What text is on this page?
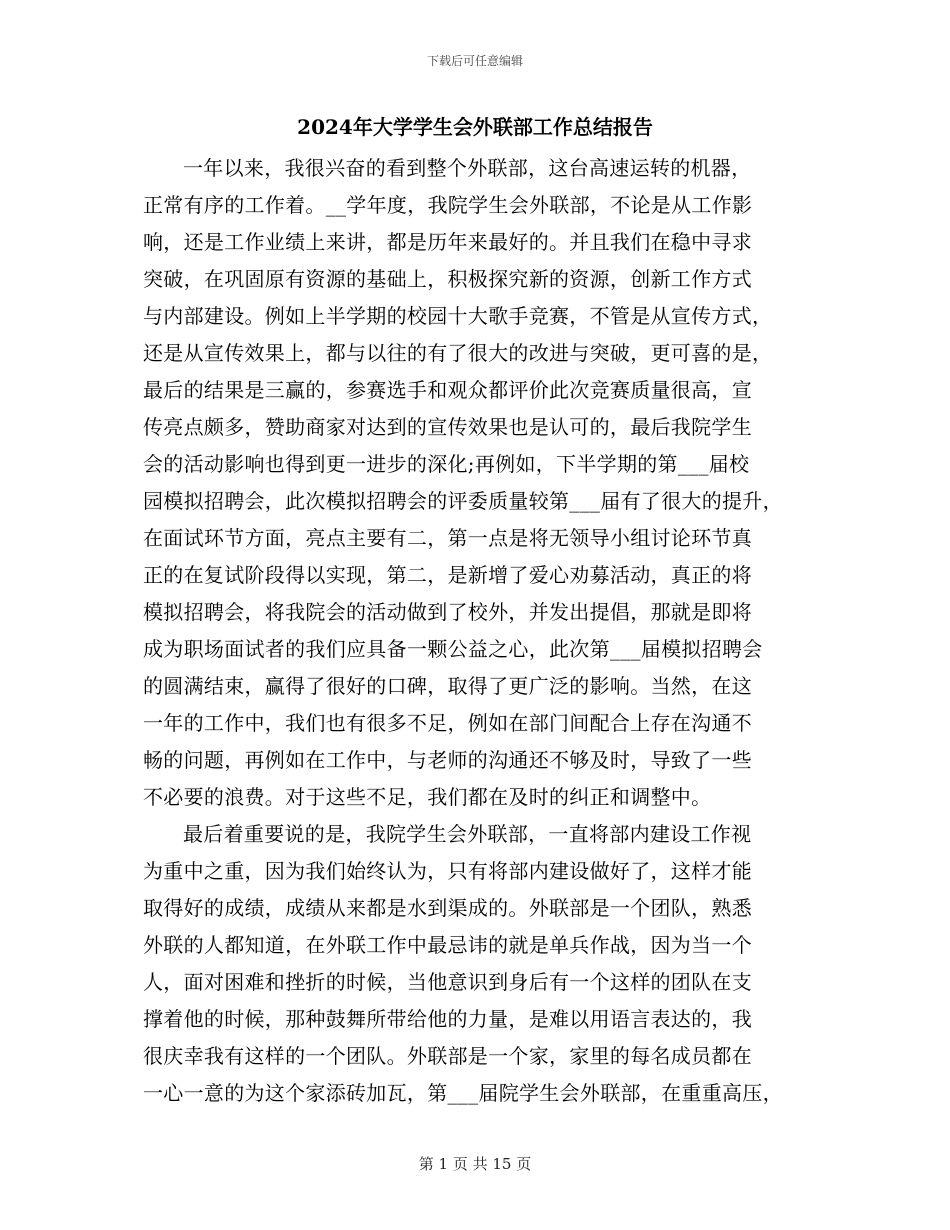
下载后可任意编辑
2024年大学学生会外联部工作总结报告
一年以来，我很兴奋的看到整个外联部，这台高速运转的机器，
正常有序的工作着。__学年度，我院学生会外联部，不论是从工作影
响，还是工作业绩上来讲，都是历年来最好的。并且我们在稳中寻求
突破，在巩固原有资源的基础上，积极探究新的资源，创新工作方式
与内部建设。例如上半学期的校园十大歌手竞赛，不管是从宣传方式，
还是从宣传效果上，都与以往的有了很大的改进与突破，更可喜的是，
最后的结果是三赢的，参赛选手和观众都评价此次竞赛质量很高，宣
传亮点颇多，赞助商家对达到的宣传效果也是认可的，最后我院学生
会的活动影响也得到更一进步的深化;再例如，下半学期的第___届校
园模拟招聘会，此次模拟招聘会的评委质量较第___届有了很大的提升，
在面试环节方面，亮点主要有二，第一点是将无领导小组讨论环节真
正的在复试阶段得以实现，第二，是新增了爱心劝募活动，真正的将
模拟招聘会，将我院会的活动做到了校外，并发出提倡，那就是即将
成为职场面试者的我们应具备一颗公益之心，此次第___届模拟招聘会
的圆满结束，赢得了很好的口碑，取得了更广泛的影响。当然，在这
一年的工作中，我们也有很多不足，例如在部门间配合上存在沟通不
畅的问题，再例如在工作中，与老师的沟通还不够及时，导致了一些
不必要的浪费。对于这些不足，我们都在及时的纠正和调整中。
最后着重要说的是，我院学生会外联部，一直将部内建设工作视
为重中之重，因为我们始终认为，只有将部内建设做好了，这样才能
取得好的成绩，成绩从来都是水到渠成的。外联部是一个团队，熟悉
外联的人都知道，在外联工作中最忌讳的就是单兵作战，因为当一个
人，面对困难和挫折的时候，当他意识到身后有一个这样的团队在支
撑着他的时候，那种鼓舞所带给他的力量，是难以用语言表达的，我
很庆幸我有这样的一个团队。外联部是一个家，家里的每名成员都在
一心一意的为这个家添砖加瓦，第___届院学生会外联部，在重重高压，
第 1 页 共 15 页
